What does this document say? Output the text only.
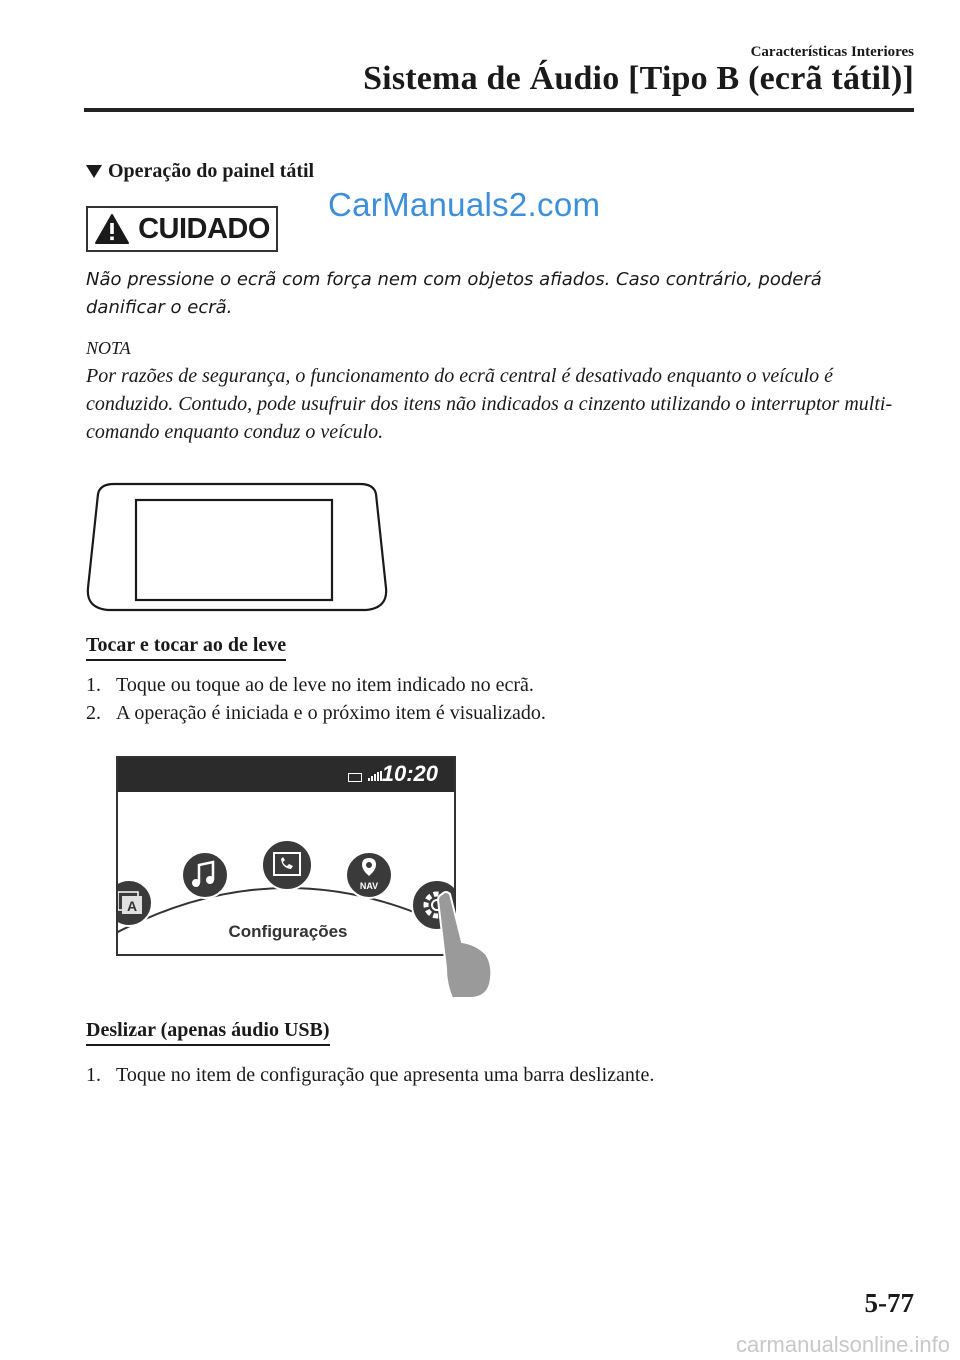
Características Interiores
Sistema de Áudio [Tipo B (ecrã tátil)]
Operação do painel tátil
CUIDADO
CarManuals2.com
Não pressione o ecrã com força nem com objetos afiados. Caso contrário, poderá danificar o ecrã.
NOTA
Por razões de segurança, o funcionamento do ecrã central é desativado enquanto o veículo é conduzido. Contudo, pode usufruir dos itens não indicados a cinzento utilizando o interruptor multi-comando enquanto conduz o veículo.
Tocar e tocar ao de leve
1. Toque ou toque ao de leve no item indicado no ecrã.
2. A operação é iniciada e o próximo item é visualizado.
10:20
A
NAV
Configurações
Deslizar (apenas áudio USB)
1. Toque no item de configuração que apresenta uma barra deslizante.
5-77
carmanualsonline.info
